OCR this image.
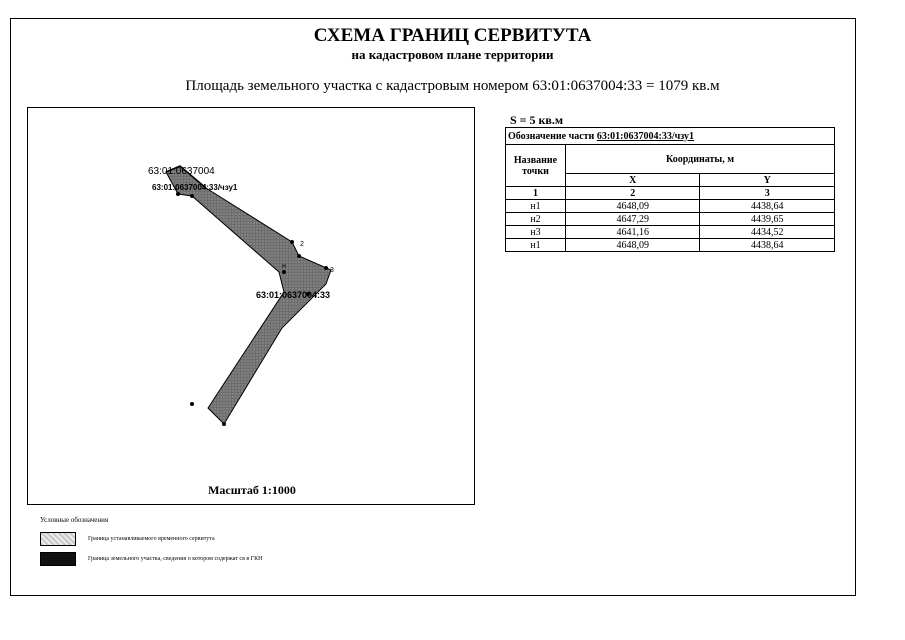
СХЕМА ГРАНИЦ СЕРВИТУТА
на кадастровом плане территории
Площадь земельного участка с кадастровым номером 63:01:0637004:33 = 1079 кв.м
63:01:0637004
63:01:0637004:33/чзу1
2
3
н
63:01:0637004:33
Масштаб 1:1000
S = 5 кв.м
Обозначение части 63:01:0637004:33/чзу1		
Название точки	Координаты, м	
	X	Y
1	2	3
н1	4648,09	4438,64
н2	4647,29	4439,65
н3	4641,16	4434,52
н1	4648,09	4438,64
Условные обозначения
Граница устанавливаемого временного сервитута
Граница земельного участка, сведения о котором содержат ся в ГКН
